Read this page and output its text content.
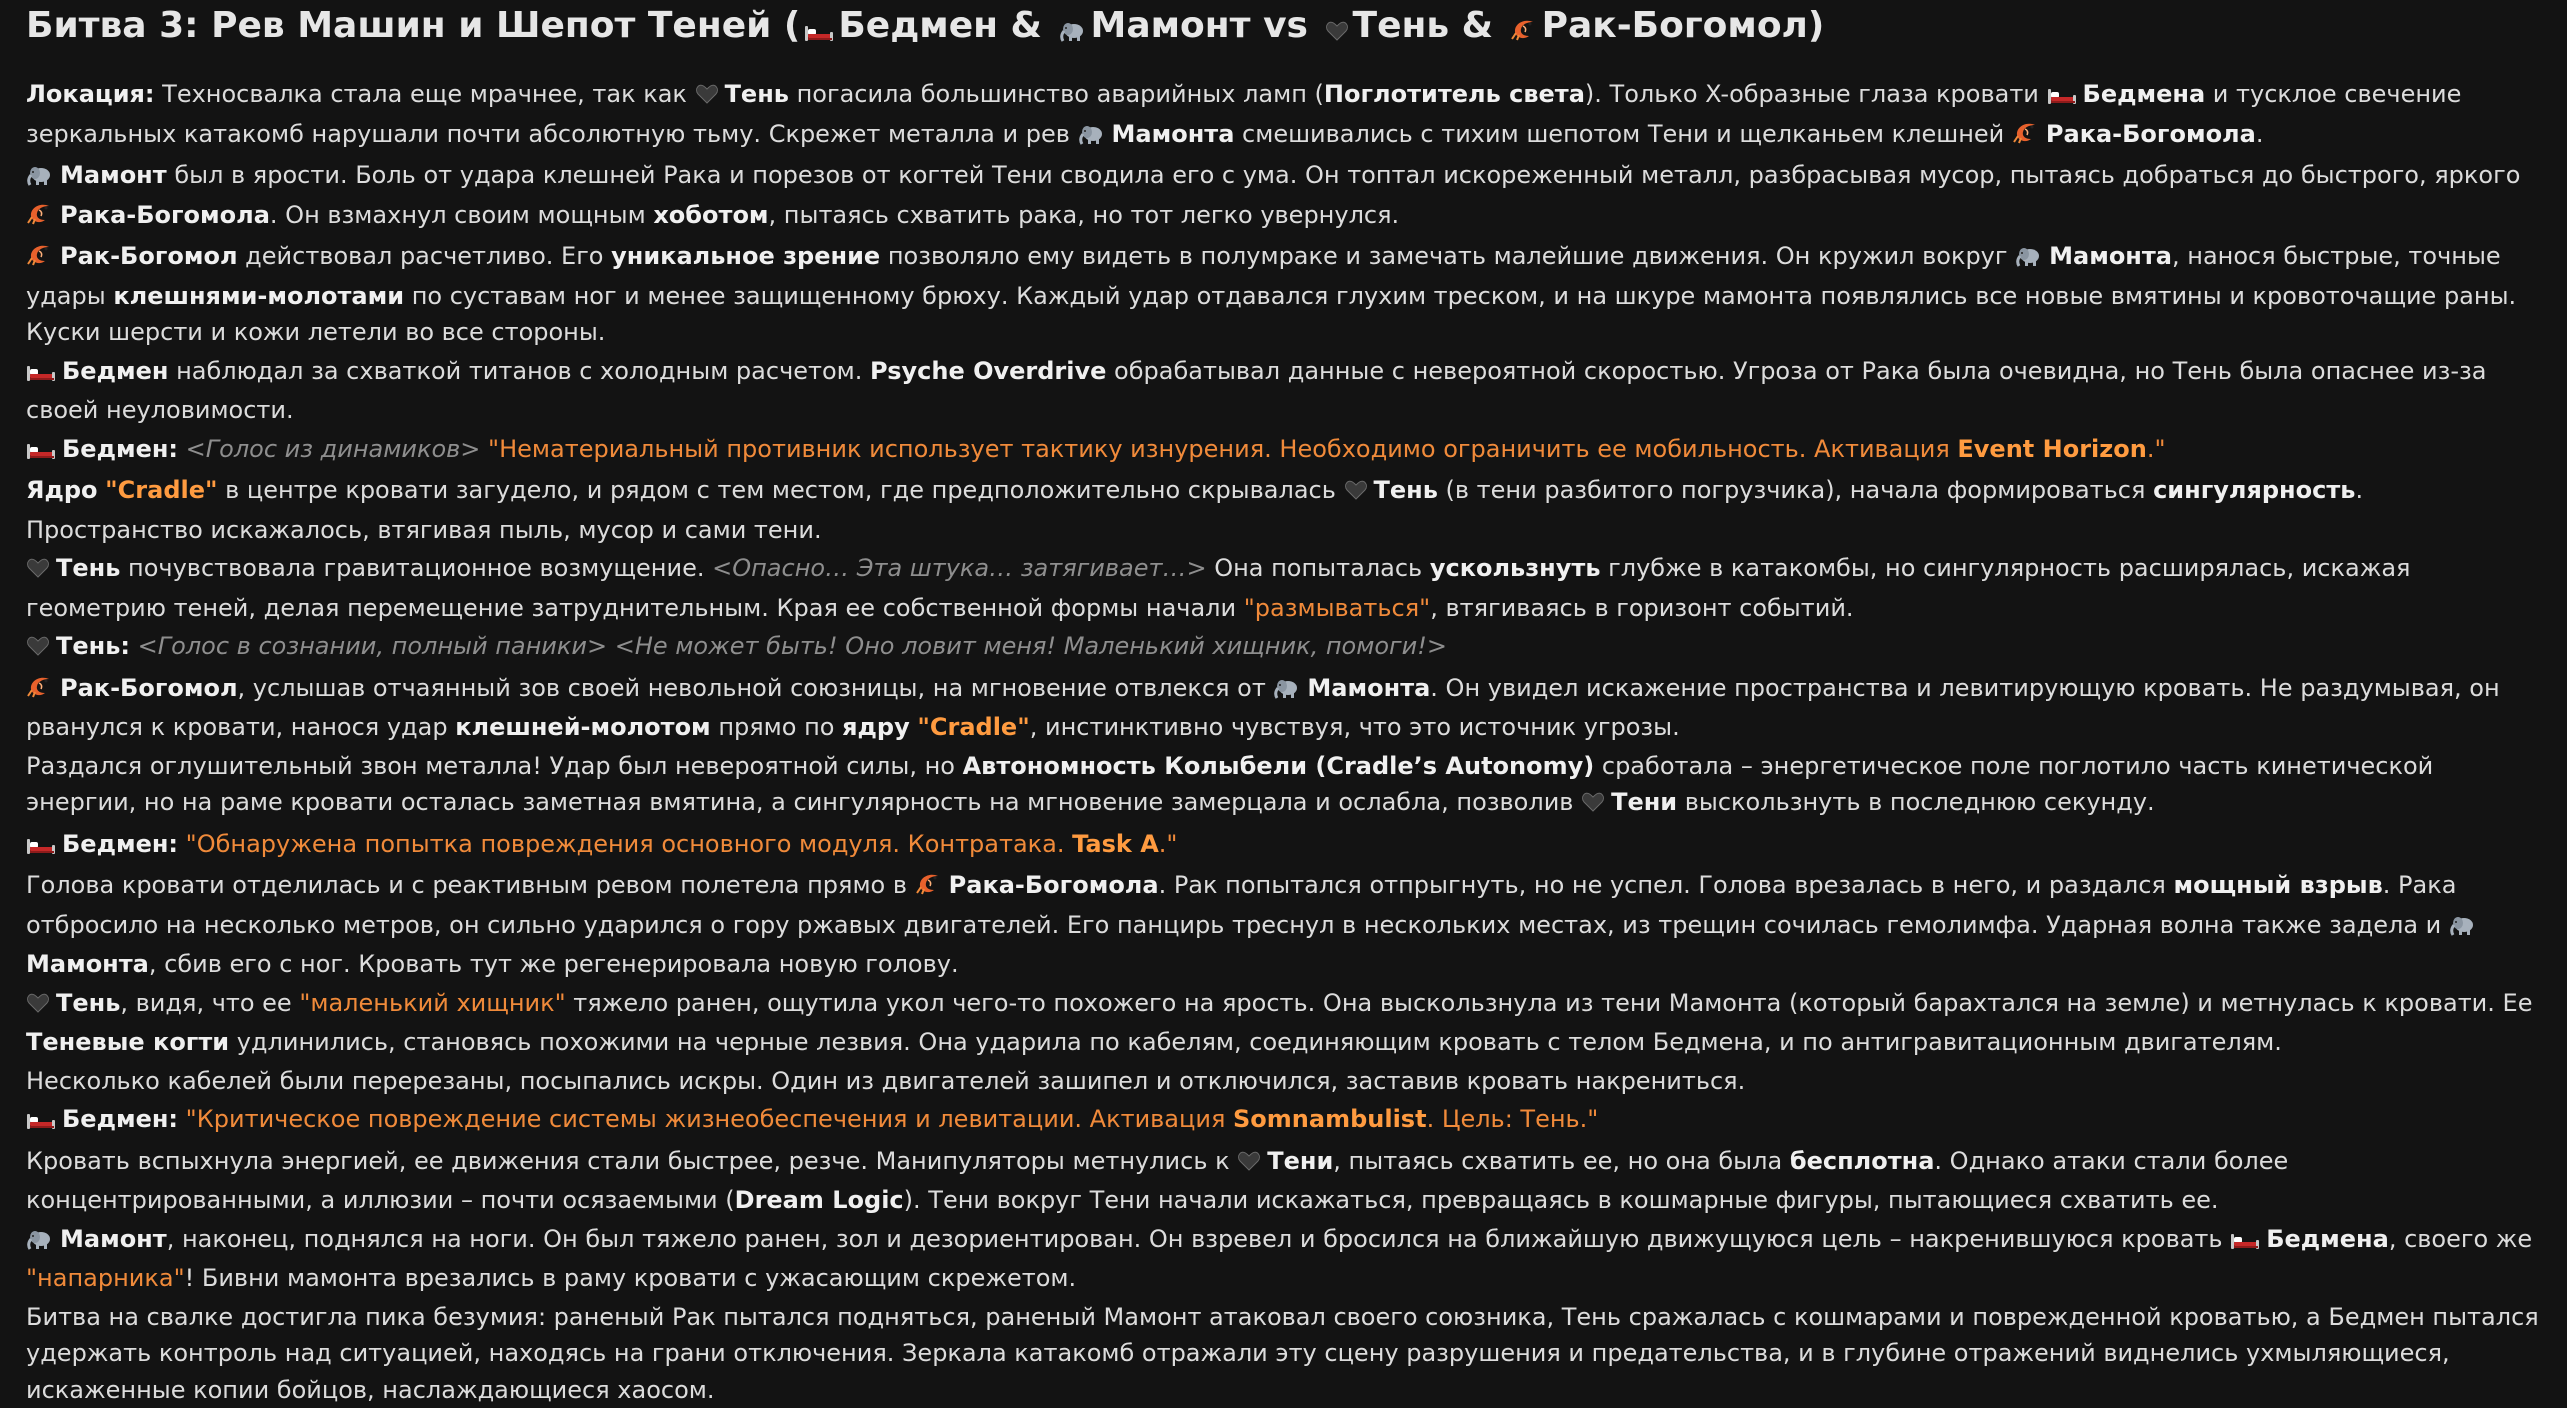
Битва 3: Рев Машин и Шепот Теней ( Бедмен & Мамонт vs Тень & Рак-Богомол)
Локация: Техносвалка стала еще мрачнее, так как Тень погасила большинство аварийных ламп (Поглотитель света). Только X-образные глаза кровати Бедмена и тусклое свечение зеркальных катакомб нарушали почти абсолютную тьму. Скрежет металла и рев Мамонта смешивались с тихим шепотом Тени и щелканьем клешней Рака-Богомола.
Мамонт был в ярости. Боль от удара клешней Рака и порезов от когтей Тени сводила его с ума. Он топтал искореженный металл, разбрасывая мусор, пытаясь добраться до быстрого, яркого Рака-Богомола. Он взмахнул своим мощным хоботом, пытаясь схватить рака, но тот легко увернулся.
Рак-Богомол действовал расчетливо. Его уникальное зрение позволяло ему видеть в полумраке и замечать малейшие движения. Он кружил вокруг Мамонта, нанося быстрые, точные удары клешнями-молотами по суставам ног и менее защищенному брюху. Каждый удар отдавался глухим треском, и на шкуре мамонта появлялись все новые вмятины и кровоточащие раны. Куски шерсти и кожи летели во все стороны.
Бедмен наблюдал за схваткой титанов с холодным расчетом. Psyche Overdrive обрабатывал данные с невероятной скоростью. Угроза от Рака была очевидна, но Тень была опаснее из-за своей неуловимости.
Бедмен: <Голос из динамиков> "Нематериальный противник использует тактику изнурения. Необходимо ограничить ее мобильность. Активация Event Horizon."
Ядро "Cradle" в центре кровати загудело, и рядом с тем местом, где предположительно скрывалась Тень (в тени разбитого погрузчика), начала формироваться сингулярность. Пространство искажалось, втягивая пыль, мусор и сами тени.
Тень почувствовала гравитационное возмущение. <Опасно… Эта штука… затягивает…> Она попыталась ускользнуть глубже в катакомбы, но сингулярность расширялась, искажая геометрию теней, делая перемещение затруднительным. Края ее собственной формы начали "размываться", втягиваясь в горизонт событий.
Тень: <Голос в сознании, полный паники> <Не может быть! Оно ловит меня! Маленький хищник, помоги!>
Рак-Богомол, услышав отчаянный зов своей невольной союзницы, на мгновение отвлекся от Мамонта. Он увидел искажение пространства и левитирующую кровать. Не раздумывая, он рванулся к кровати, нанося удар клешней-молотом прямо по ядру "Cradle", инстинктивно чувствуя, что это источник угрозы.
Раздался оглушительный звон металла! Удар был невероятной силы, но Автономность Колыбели (Cradle’s Autonomy) сработала – энергетическое поле поглотило часть кинетической энергии, но на раме кровати осталась заметная вмятина, а сингулярность на мгновение замерцала и ослабла, позволив Тени выскользнуть в последнюю секунду.
Бедмен: "Обнаружена попытка повреждения основного модуля. Контратака. Task A."
Голова кровати отделилась и с реактивным ревом полетела прямо в Рака-Богомола. Рак попытался отпрыгнуть, но не успел. Голова врезалась в него, и раздался мощный взрыв. Рака отбросило на несколько метров, он сильно ударился о гору ржавых двигателей. Его панцирь треснул в нескольких местах, из трещин сочилась гемолимфа. Ударная волна также задела и Мамонта, сбив его с ног. Кровать тут же регенерировала новую голову.
Тень, видя, что ее "маленький хищник" тяжело ранен, ощутила укол чего-то похожего на ярость. Она выскользнула из тени Мамонта (который барахтался на земле) и метнулась к кровати. Ее Теневые когти удлинились, становясь похожими на черные лезвия. Она ударила по кабелям, соединяющим кровать с телом Бедмена, и по антигравитационным двигателям.
Несколько кабелей были перерезаны, посыпались искры. Один из двигателей зашипел и отключился, заставив кровать накрениться.
Бедмен: "Критическое повреждение системы жизнеобеспечения и левитации. Активация Somnambulist. Цель: Тень."
Кровать вспыхнула энергией, ее движения стали быстрее, резче. Манипуляторы метнулись к Тени, пытаясь схватить ее, но она была бесплотна. Однако атаки стали более концентрированными, а иллюзии – почти осязаемыми (Dream Logic). Тени вокруг Тени начали искажаться, превращаясь в кошмарные фигуры, пытающиеся схватить ее.
Мамонт, наконец, поднялся на ноги. Он был тяжело ранен, зол и дезориентирован. Он взревел и бросился на ближайшую движущуюся цель – накренившуюся кровать Бедмена, своего же "напарника"! Бивни мамонта врезались в раму кровати с ужасающим скрежетом.
Битва на свалке достигла пика безумия: раненый Рак пытался подняться, раненый Мамонт атаковал своего союзника, Тень сражалась с кошмарами и поврежденной кроватью, а Бедмен пытался удержать контроль над ситуацией, находясь на грани отключения. Зеркала катакомб отражали эту сцену разрушения и предательства, и в глубине отражений виднелись ухмыляющиеся, искаженные копии бойцов, наслаждающиеся хаосом.
